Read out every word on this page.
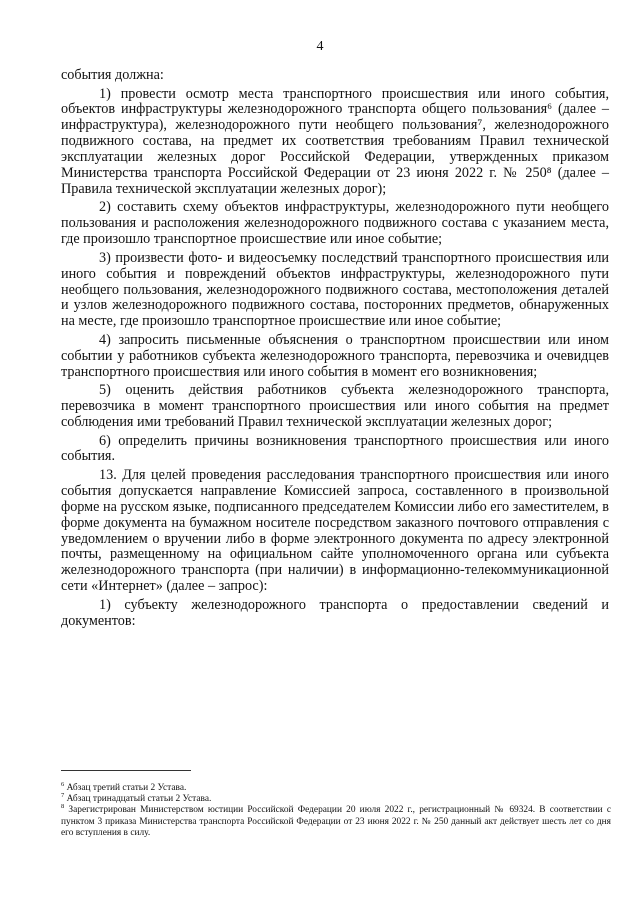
4

события должна:

1) провести осмотр места транспортного происшествия или иного события, объектов инфраструктуры железнодорожного транспорта общего пользования⁶ (далее – инфраструктура), железнодорожного пути необщего пользования⁷, железнодорожного подвижного состава, на предмет их соответствия требованиям Правил технической эксплуатации железных дорог Российской Федерации, утвержденных приказом Министерства транспорта Российской Федерации от 23 июня 2022 г. № 250⁸ (далее – Правила технической эксплуатации железных дорог);

2) составить схему объектов инфраструктуры, железнодорожного пути необщего пользования и расположения железнодорожного подвижного состава с указанием места, где произошло транспортное происшествие или иное событие;

3) произвести фото- и видеосъемку последствий транспортного происшествия или иного события и повреждений объектов инфраструктуры, железнодорожного пути необщего пользования, железнодорожного подвижного состава, местоположения деталей и узлов железнодорожного подвижного состава, посторонних предметов, обнаруженных на месте, где произошло транспортное происшествие или иное событие;

4) запросить письменные объяснения о транспортном происшествии или ином событии у работников субъекта железнодорожного транспорта, перевозчика и очевидцев транспортного происшествия или иного события в момент его возникновения;

5) оценить действия работников субъекта железнодорожного транспорта, перевозчика в момент транспортного происшествия или иного события на предмет соблюдения ими требований Правил технической эксплуатации железных дорог;

6) определить причины возникновения транспортного происшествия или иного события.

13. Для целей проведения расследования транспортного происшествия или иного события допускается направление Комиссией запроса, составленного в произвольной форме на русском языке, подписанного председателем Комиссии либо его заместителем, в форме документа на бумажном носителе посредством заказного почтового отправления с уведомлением о вручении либо в форме электронного документа по адресу электронной почты, размещенному на официальном сайте уполномоченного органа или субъекта железнодорожного транспорта (при наличии) в информационно-телекоммуникационной сети «Интернет» (далее – запрос):

1) субъекту железнодорожного транспорта о предоставлении сведений и документов:

$^6$ Абзац третий статьи 2 Устава.

$^7$ Абзац тринадцатый статьи 2 Устава.

$^8$ Зарегистрирован Министерством юстиции Российской Федерации 20 июля 2022 г., регистрационный № 69324. В соответствии с пунктом 3 приказа Министерства транспорта Российской Федерации от 23 июня 2022 г. № 250 данный акт действует шесть лет со дня его вступления в силу.
